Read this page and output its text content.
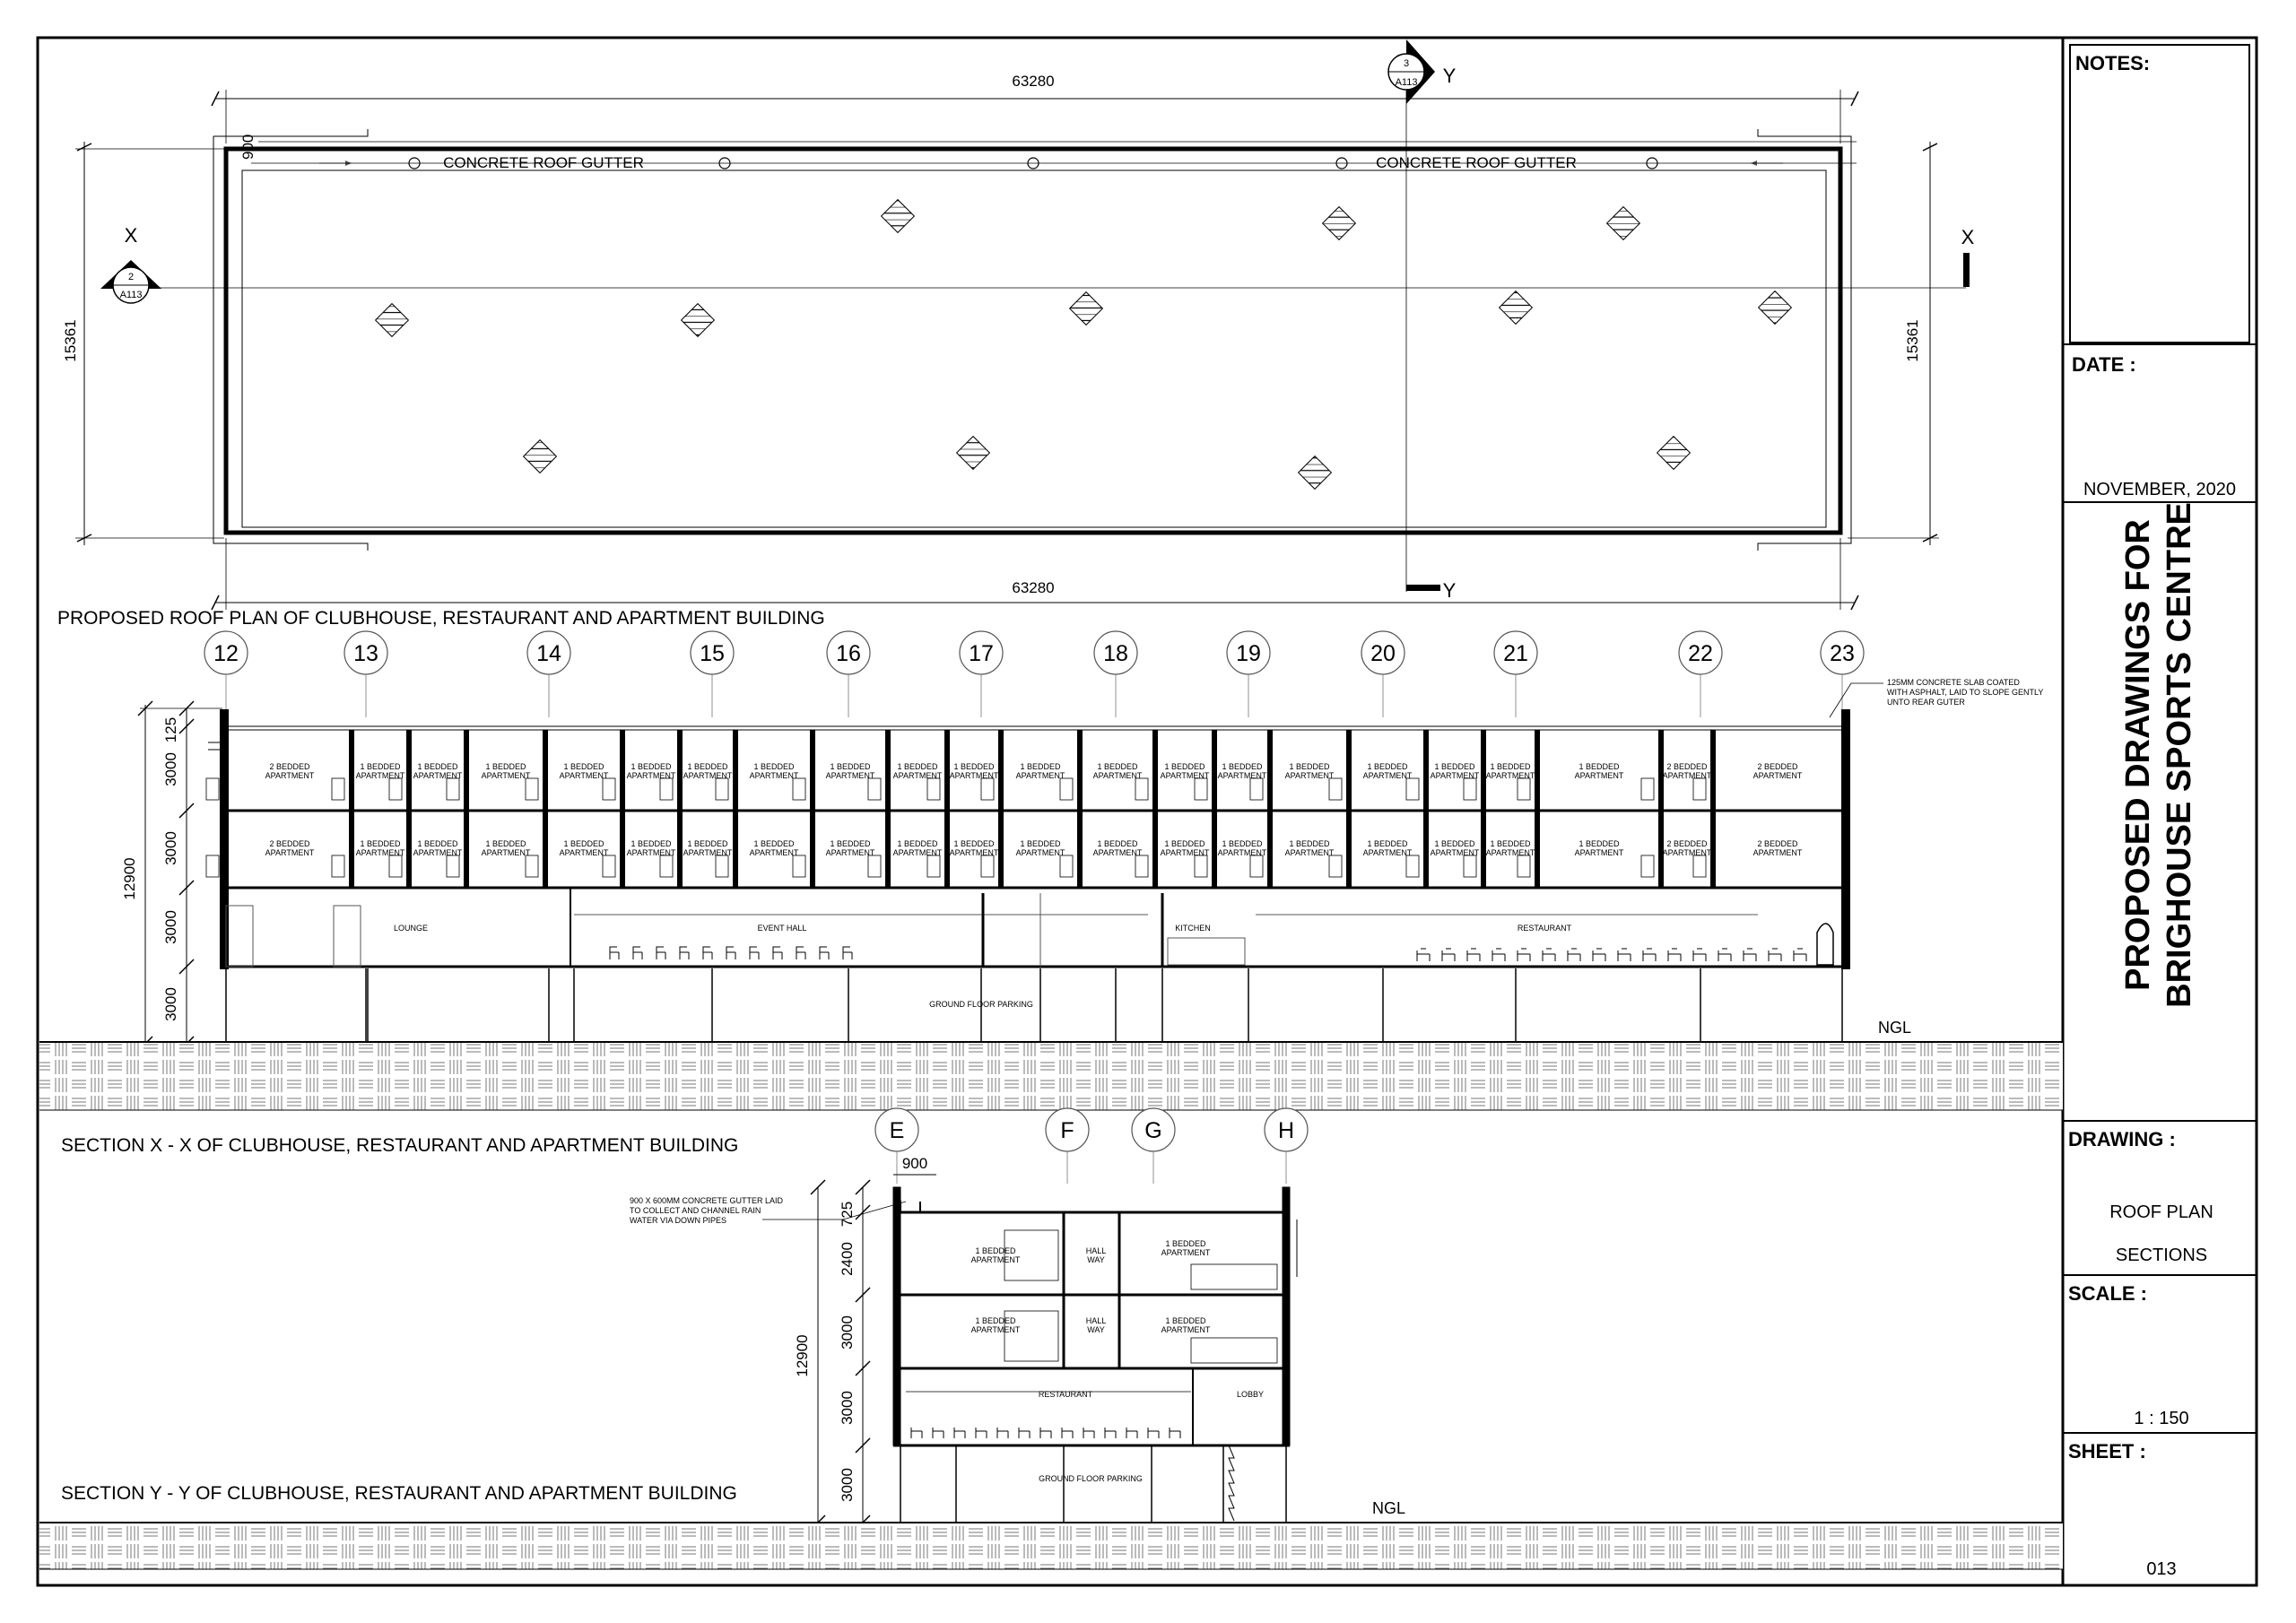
NOTES:
DATE :
NOVEMBER, 2020
PROPOSED DRAWINGS FOR BRIGHOUSE SPORTS CENTRE
DRAWING :
ROOF PLAN
SECTIONS
SCALE :
1 : 150
SHEET :
013
CONCRETE ROOF GUTTER	CONCRETE ROOF GUTTER
63280
900
63280
15361	15361
X
2
A113
X
3
A113 Y
Y
PROPOSED ROOF PLAN OF CLUBHOUSE, RESTAURANT AND APARTMENT BUILDING
12	13	14	15	16	17	18	19	20	21	22	23
2 BEDDED
APARTMENT
2 BEDDED
APARTMENT
1 BEDDED
APARTMENT
1 BEDDED
APARTMENT
1 BEDDED
APARTMENT
1 BEDDED
APARTMENT
1 BEDDED
APARTMENT
1 BEDDED
APARTMENT
1 BEDDED
APARTMENT
1 BEDDED
APARTMENT
1 BEDDED
APARTMENT
1 BEDDED
APARTMENT
1 BEDDED
APARTMENT
1 BEDDED
APARTMENT
1 BEDDED
APARTMENT
1 BEDDED
APARTMENT
1 BEDDED
APARTMENT
1 BEDDED
APARTMENT
1 BEDDED
APARTMENT
1 BEDDED
APARTMENT
1 BEDDED
APARTMENT
1 BEDDED
APARTMENT
1 BEDDED
APARTMENT
1 BEDDED
APARTMENT
1 BEDDED
APARTMENT
1 BEDDED
APARTMENT
1 BEDDED
APARTMENT
1 BEDDED
APARTMENT
1 BEDDED
APARTMENT
1 BEDDED
APARTMENT
1 BEDDED
APARTMENT
1 BEDDED
APARTMENT
1 BEDDED
APARTMENT
1 BEDDED
APARTMENT
1 BEDDED
APARTMENT
1 BEDDED
APARTMENT
1 BEDDED
APARTMENT
1 BEDDED
APARTMENT
1 BEDDED
APARTMENT
1 BEDDED
APARTMENT
2 BEDDED
APARTMENT
2 BEDDED
APARTMENT
2 BEDDED
APARTMENT
2 BEDDED
APARTMENT
LOUNGE	EVENT HALL	KITCHEN	RESTAURANT
GROUND FLOOR PARKING
125
3000
3000
3000
3000
12900
125MM CONCRETE SLAB COATED
WITH ASPHALT, LAID TO SLOPE GENTLY
UNTO REAR GUTER
NGL
SECTION X - X OF CLUBHOUSE, RESTAURANT AND APARTMENT BUILDING
E	F	G	H
1 BEDDED
APARTMENT
HALL
WAY
1 BEDDED
APARTMENT
1 BEDDED
APARTMENT
HALL
WAY
1 BEDDED
APARTMENT
RESTAURANT	LOBBY
GROUND FLOOR PARKING
900 X 600MM CONCRETE GUTTER LAID
TO COLLECT AND CHANNEL RAIN
WATER VIA DOWN PIPES
900
725
2400
3000
3000
3000
12900
NGL
SECTION Y - Y OF CLUBHOUSE, RESTAURANT AND APARTMENT BUILDING
